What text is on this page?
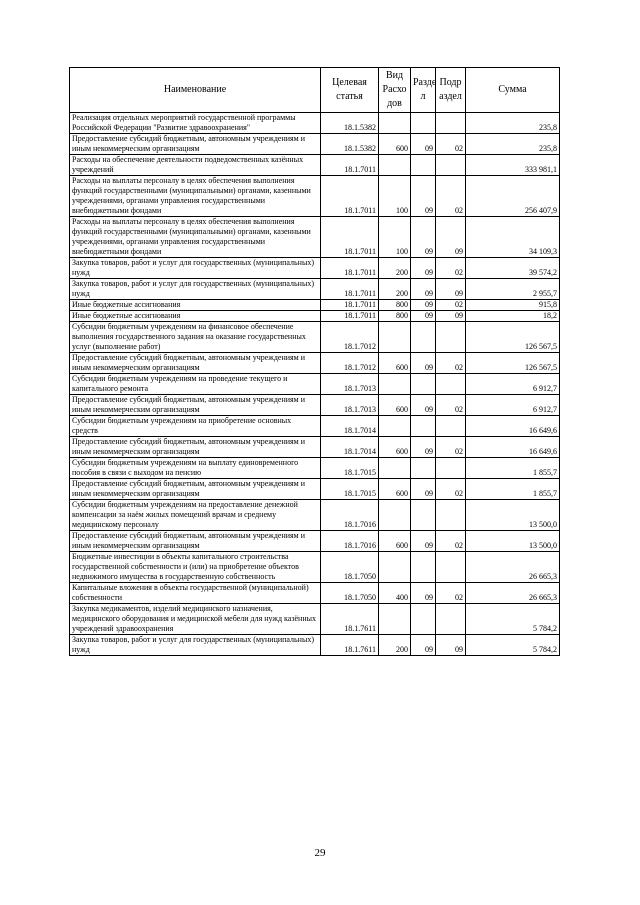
Наименование	Целевая статья	Вид Расхо дов	Разде л	Подр аздел	Сумма
Реализация отдельных мероприятий государственной программы Российской Федерации "Развитие здравоохранения"	18.1.5382				235,8
Предоставление субсидий бюджетным, автономным учреждениям и иным некоммерческим организациям	18.1.5382	600	09	02	235,8
Расходы на обеспечение деятельности подведомственных казённых учреждений	18.1.7011				333 981,1
Расходы на выплаты персоналу в целях обеспечения выполнения функций государственными (муниципальными) органами, казенными учреждениями, органами управления государственными внебюджетными фондами	18.1.7011	100	09	02	256 407,9
Расходы на выплаты персоналу в целях обеспечения выполнения функций государственными (муниципальными) органами, казенными учреждениями, органами управления государственными внебюджетными фондами	18.1.7011	100	09	09	34 109,3
Закупка товаров, работ и услуг для государственных (муниципальных) нужд	18.1.7011	200	09	02	39 574,2
Закупка товаров, работ и услуг для государственных (муниципальных) нужд	18.1.7011	200	09	09	2 955,7
Иные бюджетные ассигнования	18.1.7011	800	09	02	915,8
Иные бюджетные ассигнования	18.1.7011	800	09	09	18,2
Субсидии бюджетным учреждениям на финансовое обеспечение выполнения государственного задания на оказание государственных услуг (выполнение работ)	18.1.7012				126 567,5
Предоставление субсидий бюджетным, автономным учреждениям и иным некоммерческим организациям	18.1.7012	600	09	02	126 567,5
Субсидии бюджетным учреждениям на проведение текущего и капитального ремонта	18.1.7013				6 912,7
Предоставление субсидий бюджетным, автономным учреждениям и иным некоммерческим организациям	18.1.7013	600	09	02	6 912,7
Субсидии бюджетным учреждениям на приобретение основных средств	18.1.7014				16 649,6
Предоставление субсидий бюджетным, автономным учреждениям и иным некоммерческим организациям	18.1.7014	600	09	02	16 649,6
Субсидии бюджетным учреждениям на выплату единовременного пособия в связи с выходом на пенсию	18.1.7015				1 855,7
Предоставление субсидий бюджетным, автономным учреждениям и иным некоммерческим организациям	18.1.7015	600	09	02	1 855,7
Субсидии бюджетным учреждениям на предоставление денежной компенсации за наём жилых помещений врачам и среднему медицинскому персоналу	18.1.7016				13 500,0
Предоставление субсидий бюджетным, автономным учреждениям и иным некоммерческим организациям	18.1.7016	600	09	02	13 500,0
Бюджетные инвестиции в объекты капитального строительства государственной собственности и (или) на приобретение объектов недвижимого имущества в государственную собственность	18.1.7050				26 665,3
Капитальные вложения в объекты государственной (муниципальной) собственности	18.1.7050	400	09	02	26 665,3
Закупка медикаментов, изделий медицинского назначения, медицинского оборудования и медицинской мебели для нужд казённых учреждений здравоохранения	18.1.7611				5 784,2
Закупка товаров, работ и услуг для государственных (муниципальных) нужд	18.1.7611	200	09	09	5 784,2
29
